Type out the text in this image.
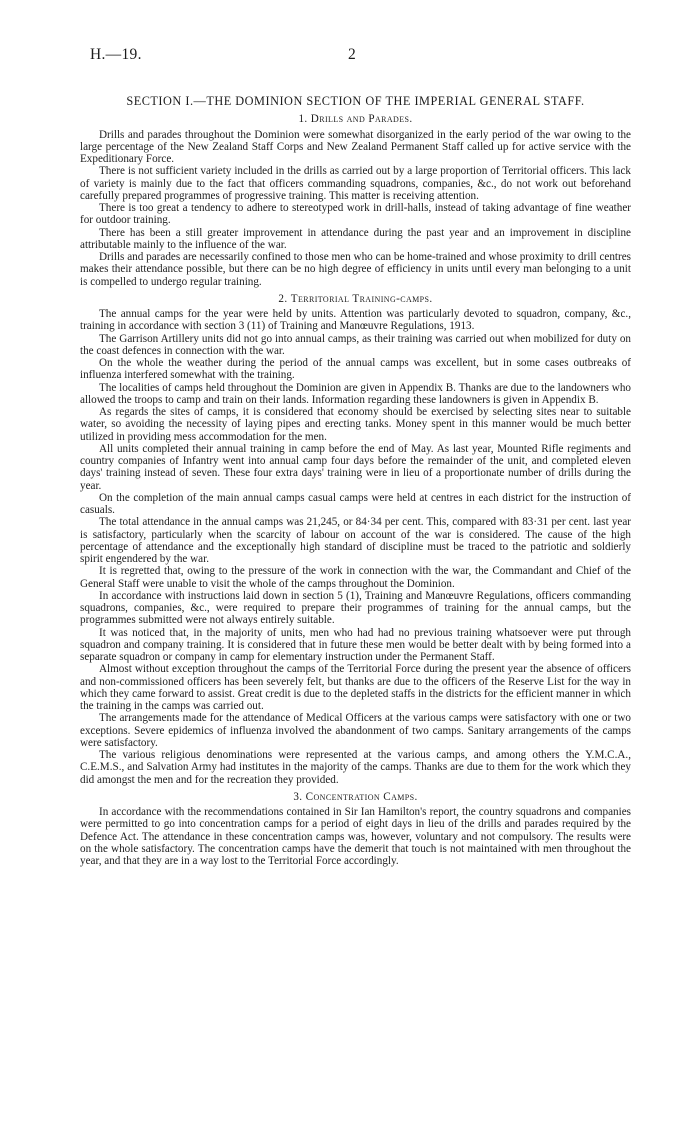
H.—19.	2
SECTION I.—THE DOMINION SECTION OF THE IMPERIAL GENERAL STAFF.
1. Drills and Parades.

Drills and parades throughout the Dominion were somewhat disorganized in the early period of the war owing to the large percentage of the New Zealand Staff Corps and New Zealand Permanent Staff called up for active service with the Expeditionary Force.

There is not sufficient variety included in the drills as carried out by a large proportion of Territorial officers. This lack of variety is mainly due to the fact that officers commanding squadrons, companies, &c., do not work out beforehand carefully prepared programmes of progressive training. This matter is receiving attention.

There is too great a tendency to adhere to stereotyped work in drill-halls, instead of taking advantage of fine weather for outdoor training.

There has been a still greater improvement in attendance during the past year and an improvement in discipline attributable mainly to the influence of the war.

Drills and parades are necessarily confined to those men who can be home-trained and whose proximity to drill centres makes their attendance possible, but there can be no high degree of efficiency in units until every man belonging to a unit is compelled to undergo regular training.

2. Territorial Training-camps.

The annual camps for the year were held by units. Attention was particularly devoted to squadron, company, &c., training in accordance with section 3 (11) of Training and Manœuvre Regulations, 1913.

The Garrison Artillery units did not go into annual camps, as their training was carried out when mobilized for duty on the coast defences in connection with the war.

On the whole the weather during the period of the annual camps was excellent, but in some cases outbreaks of influenza interfered somewhat with the training.

The localities of camps held throughout the Dominion are given in Appendix B. Thanks are due to the landowners who allowed the troops to camp and train on their lands. Information regarding these landowners is given in Appendix B.

As regards the sites of camps, it is considered that economy should be exercised by selecting sites near to suitable water, so avoiding the necessity of laying pipes and erecting tanks. Money spent in this manner would be much better utilized in providing mess accommodation for the men.

All units completed their annual training in camp before the end of May. As last year, Mounted Rifle regiments and country companies of Infantry went into annual camp four days before the remainder of the unit, and completed eleven days' training instead of seven. These four extra days' training were in lieu of a proportionate number of drills during the year.

On the completion of the main annual camps casual camps were held at centres in each district for the instruction of casuals.

The total attendance in the annual camps was 21,245, or 84·34 per cent. This, compared with 83·31 per cent. last year is satisfactory, particularly when the scarcity of labour on account of the war is considered. The cause of the high percentage of attendance and the exceptionally high standard of discipline must be traced to the patriotic and soldierly spirit engendered by the war.

It is regretted that, owing to the pressure of the work in connection with the war, the Commandant and Chief of the General Staff were unable to visit the whole of the camps throughout the Dominion.

In accordance with instructions laid down in section 5 (1), Training and Manœuvre Regulations, officers commanding squadrons, companies, &c., were required to prepare their programmes of training for the annual camps, but the programmes submitted were not always entirely suitable.

It was noticed that, in the majority of units, men who had had no previous training whatsoever were put through squadron and company training. It is considered that in future these men would be better dealt with by being formed into a separate squadron or company in camp for elementary instruction under the Permanent Staff.

Almost without exception throughout the camps of the Territorial Force during the present year the absence of officers and non-commissioned officers has been severely felt, but thanks are due to the officers of the Reserve List for the way in which they came forward to assist. Great credit is due to the depleted staffs in the districts for the efficient manner in which the training in the camps was carried out.

The arrangements made for the attendance of Medical Officers at the various camps were satisfactory with one or two exceptions. Severe epidemics of influenza involved the abandonment of two camps. Sanitary arrangements of the camps were satisfactory.

The various religious denominations were represented at the various camps, and among others the Y.M.C.A., C.E.M.S., and Salvation Army had institutes in the majority of the camps. Thanks are due to them for the work which they did amongst the men and for the recreation they provided.

3. Concentration Camps.

In accordance with the recommendations contained in Sir Ian Hamilton's report, the country squadrons and companies were permitted to go into concentration camps for a period of eight days in lieu of the drills and parades required by the Defence Act. The attendance in these concentration camps was, however, voluntary and not compulsory. The results were on the whole satisfactory. The concentration camps have the demerit that touch is not maintained with men throughout the year, and that they are in a way lost to the Territorial Force accordingly.
